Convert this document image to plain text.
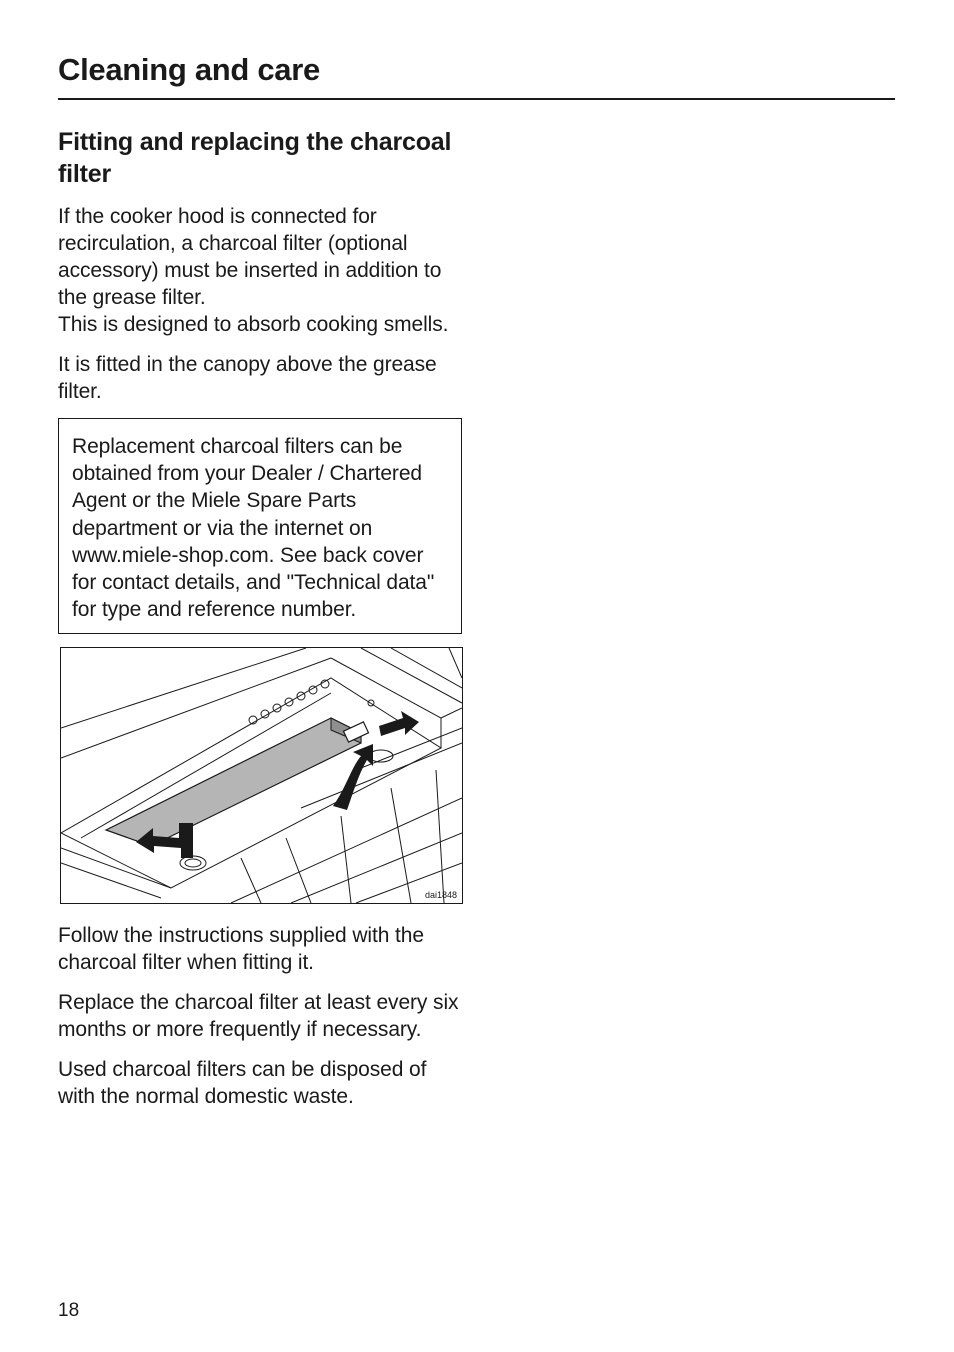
Cleaning and care
Fitting and replacing the charcoal filter

If the cooker hood is connected for recirculation, a charcoal filter (optional accessory) must be inserted in addition to the grease filter.
This is designed to absorb cooking smells.

It is fitted in the canopy above the grease filter.

Replacement charcoal filters can be obtained from your Dealer / Chartered Agent or the Miele Spare Parts department or via the internet on www.miele-shop.com. See back cover for contact details, and "Technical data" for type and reference number.

dai1848

Follow the instructions supplied with the charcoal filter when fitting it.

Replace the charcoal filter at least every six months or more frequently if necessary.

Used charcoal filters can be disposed of with the normal domestic waste.

18
